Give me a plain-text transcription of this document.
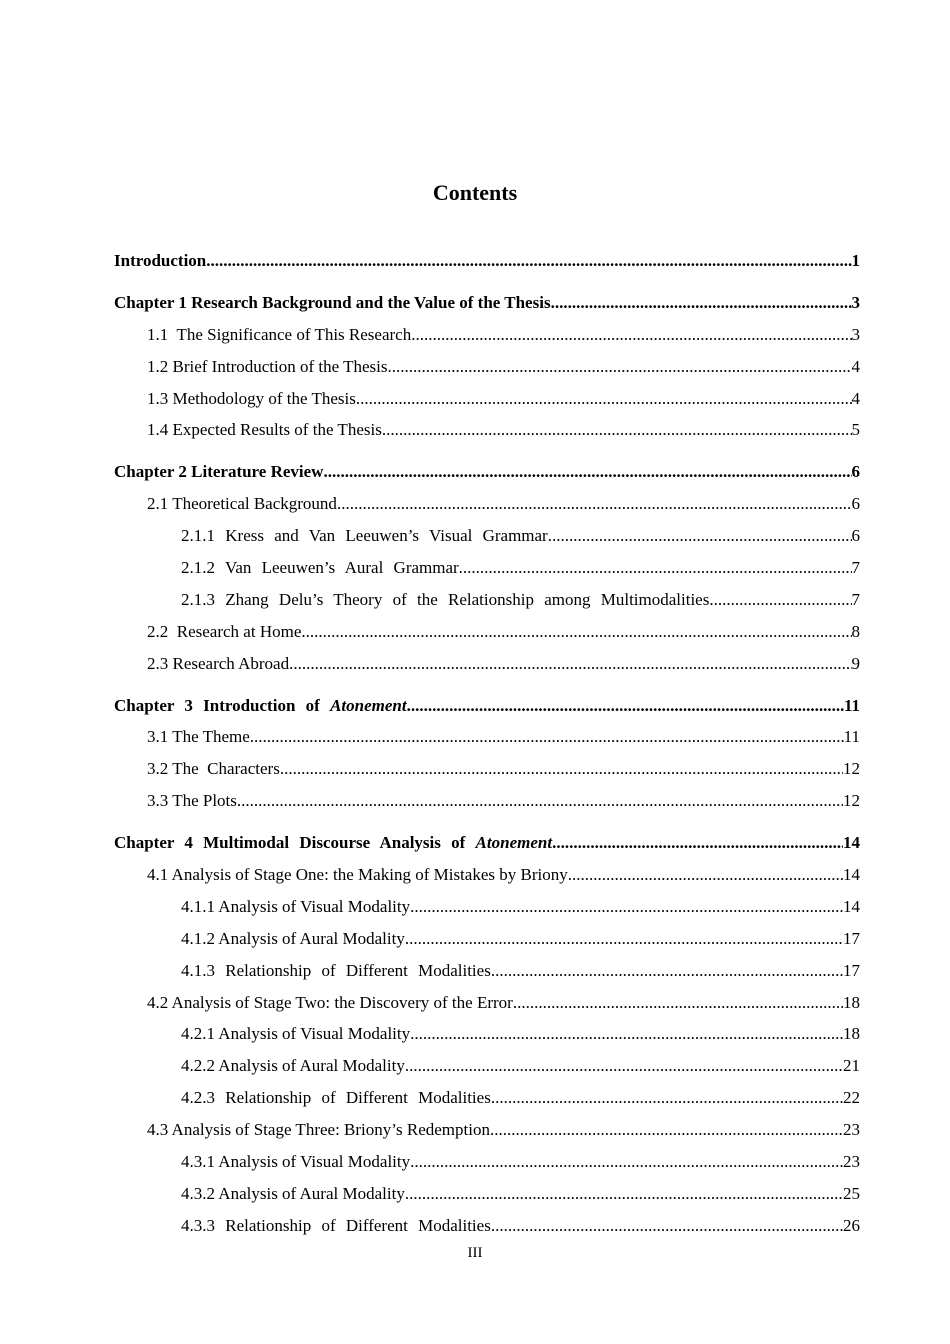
Contents
Introduction .....	1
Chapter 1 Research Background and the Value of the Thesis .....	3
1.1  The Significance of This Research .....	3
1.2 Brief Introduction of the Thesis .....	4
1.3 Methodology of the Thesis .....	4
1.4 Expected Results of the Thesis .....	5
Chapter 2 Literature Review .....	6
2.1 Theoretical Background .....	6
2.1.1 Kress and Van Leeuwen’s Visual Grammar .....	6
2.1.2 Van Leeuwen’s Aural Grammar .....	7
2.1.3 Zhang Delu’s Theory of the Relationship among Multimodalities .....	7
2.2  Research at Home .....	8
2.3 Research Abroad .....	9
Chapter 3 Introduction of Atonement .....	11
3.1 The Theme .....	11
3.2 The  Characters .....	12
3.3 The Plots .....	12
Chapter 4 Multimodal Discourse Analysis of Atonement .....	14
4.1 Analysis of Stage One: the Making of Mistakes by Briony .....	14
4.1.1 Analysis of Visual Modality .....	14
4.1.2 Analysis of Aural Modality .....	17
4.1.3 Relationship of Different Modalities .....	17
4.2 Analysis of Stage Two: the Discovery of the Error .....	18
4.2.1 Analysis of Visual Modality .....	18
4.2.2 Analysis of Aural Modality .....	21
4.2.3 Relationship of Different Modalities .....	22
4.3 Analysis of Stage Three: Briony’s Redemption .....	23
4.3.1 Analysis of Visual Modality .....	23
4.3.2 Analysis of Aural Modality .....	25
4.3.3 Relationship of Different Modalities .....	26
III
